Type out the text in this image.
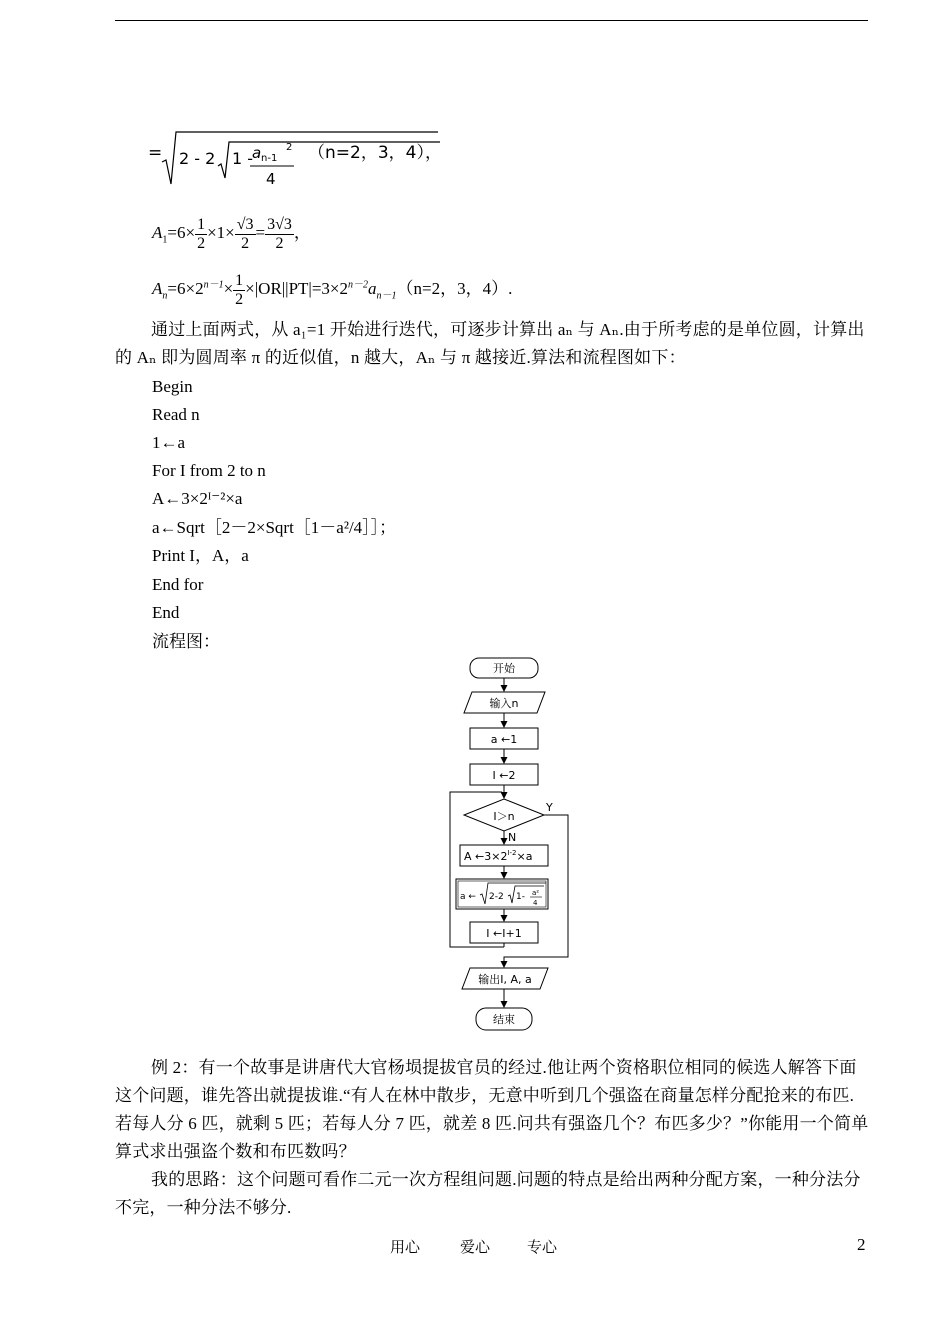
= 2 - 2 1 -
a n-1
2
4
（n=2，3，4），
$A_1=6\times \frac{1}{2} \times 1\times \frac{√3}{2} = \frac{3√3}{2}$ ，
$A_n=6\times 2^{n-1}\times \frac{1}{2} \times|OR||PT|=3\times 2^{n-2}a_{n-1}(n=2$，3，4）.
通过上面两式，从 a₁=1 开始进行迭代，可逐步计算出 aₙ 与 Aₙ.由于所考虑的是单位圆，计算出的 Aₙ 即为圆周率 π 的近似值，n 越大，Aₙ 与 π 越接近.算法和流程图如下：
Begin
Read n
1←a
For I from 2 to n
A←3×2ᴵ⁻²×a
a←Sqrt［2－2×Sqrt［1－a²/4］］；
Print I，A，a
End for
End
流程图：
开始
输入n
a ←1
I ←2
I＞n
Y
N
A $\leftarrow 3\times 2^{I-2}\times a$
a ← 2-2 1- a²
4
I ←I+1
输出I, A, a
结束
例 2：有一个故事是讲唐代大官杨埙提拔官员的经过.他让两个资格职位相同的候选人解答下面这个问题，谁先答出就提拔谁.“有人在林中散步，无意中听到几个强盗在商量怎样分配抢来的布匹.若每人分 6 匹，就剩 5 匹；若每人分 7 匹，就差 8 匹.问共有强盗几个？布匹多少？”你能用一个简单算式求出强盗个数和布匹数吗？
我的思路：这个问题可看作二元一次方程组问题.问题的特点是给出两种分配方案，一种分法分不完，一种分法不够分.
用心	爱心 专心	2
